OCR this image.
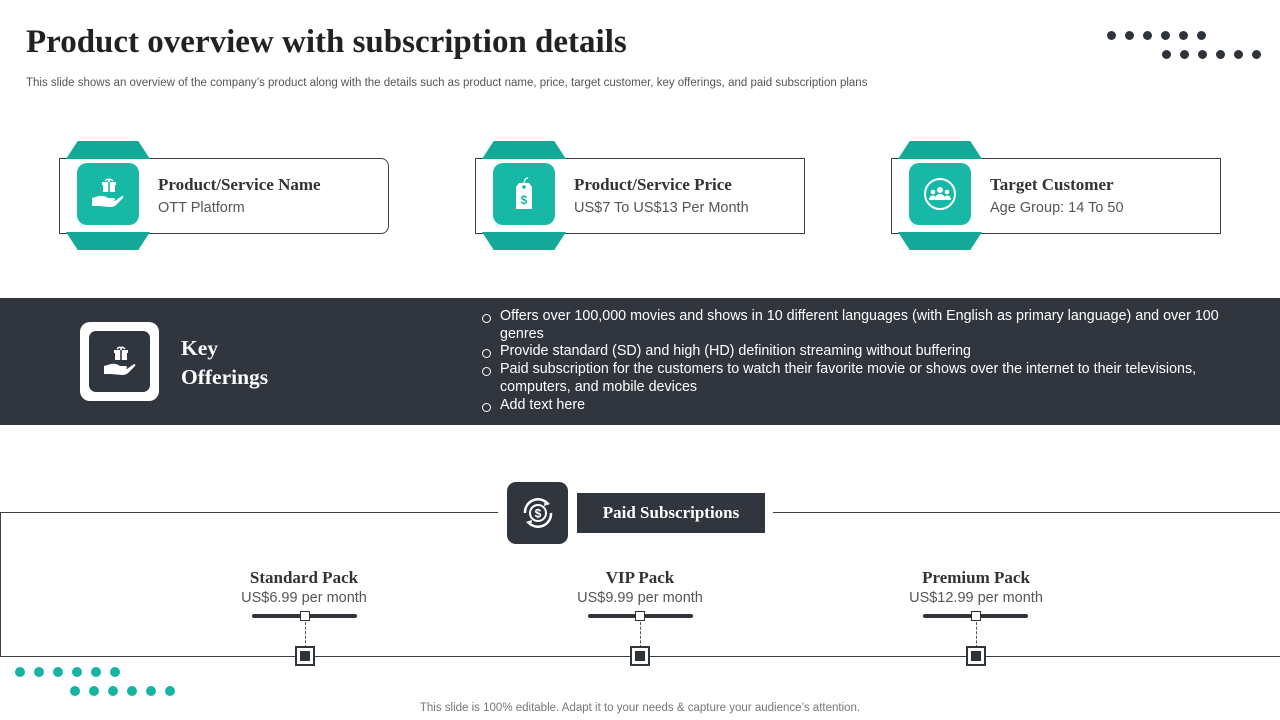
Product overview with subscription details
This slide shows an overview of the company’s product along with the details such as product name, price, target customer, key offerings, and paid subscription plans
Product/Service Name
OTT Platform	$
Product/Service Price
US$7 To US$13 Per Month
Target Customer
Age Group: 14 To 50
Key Offerings
Offers over 100,000 movies and shows in 10 different languages (with English as primary language) and over 100 genres
Provide standard (SD) and high (HD) definition streaming without buffering
Paid subscription for the customers to watch their favorite movie or shows over the internet to their televisions, computers, and mobile devices
Add text here
$	Paid Subscriptions
Standard Pack
US$6.99 per month
VIP Pack
US$9.99 per month
Premium Pack
US$12.99 per month
This slide is 100% editable. Adapt it to your needs & capture your audience’s attention.
